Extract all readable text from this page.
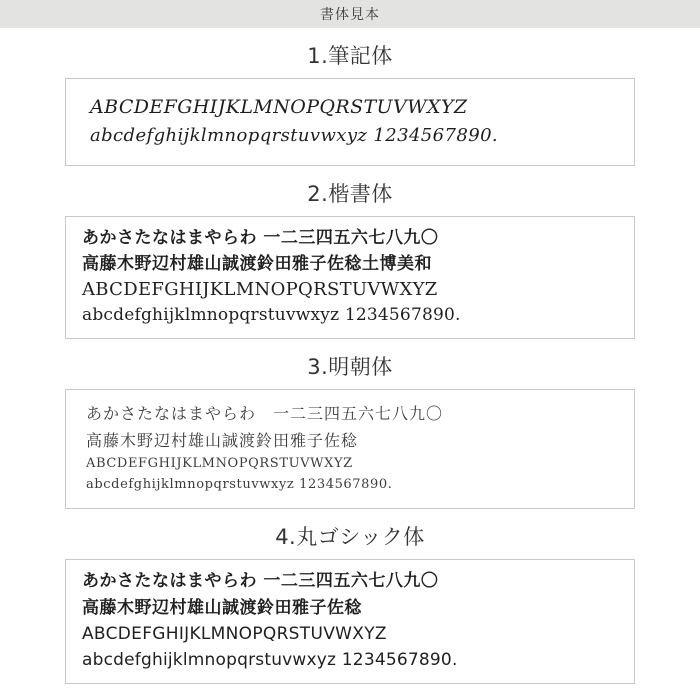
書体見本
1.筆記体
ABCDEFGHIJKLMNOPQRSTUVWXYZ
abcdefghijklmnopqrstuvwxyz 1234567890.
2.楷書体
あかさたなはまやらわ 一二三四五六七八九〇
高藤木野辺村雄山誠渡鈴田雅子佐稔土博美和
ABCDEFGHIJKLMNOPQRSTUVWXYZ
abcdefghijklmnopqrstuvwxyz 1234567890.
3.明朝体
あかさたなはまやらわ　一二三四五六七八九〇
高藤木野辺村雄山誠渡鈴田雅子佐稔
ABCDEFGHIJKLMNOPQRSTUVWXYZ
abcdefghijklmnopqrstuvwxyz 1234567890.
4.丸ゴシック体
あかさたなはまやらわ 一二三四五六七八九〇
高藤木野辺村雄山誠渡鈴田雅子佐稔
ABCDEFGHIJKLMNOPQRSTUVWXYZ
abcdefghijklmnopqrstuvwxyz 1234567890.
